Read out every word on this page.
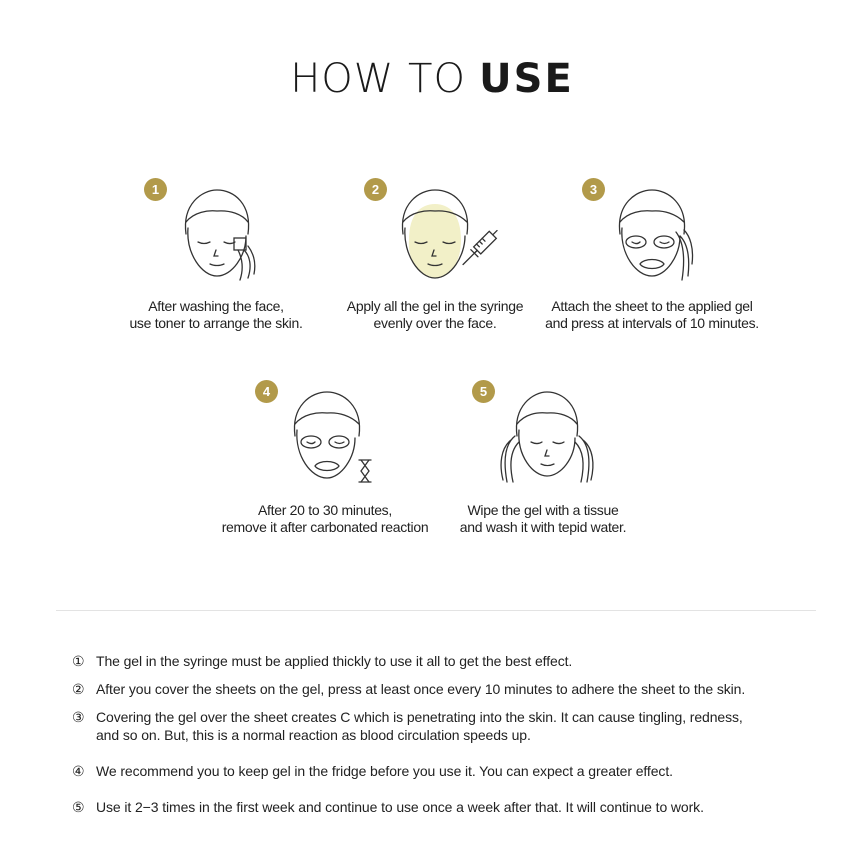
HOW TO USE
1
After washing the face,
use toner to arrange the skin.
2
Apply all the gel in the syringe
evenly over the face.
3
Attach the sheet to the applied gel
and press at intervals of 10 minutes.
4
After 20 to 30 minutes,
remove it after carbonated reaction
5
Wipe the gel with a tissue
and wash it with tepid water.
① The gel in the syringe must be applied thickly to use it all to get the best effect.
② After you cover the sheets on the gel, press at least once every 10 minutes to adhere the sheet to the skin.
③ Covering the gel over the sheet creates C which is penetrating into the skin. It can cause tingling, redness,
and so on. But, this is a normal reaction as blood circulation speeds up.
④ We recommend you to keep gel in the fridge before you use it. You can expect a greater effect.
⑤ Use it 2−3 times in the first week and continue to use once a week after that. It will continue to work.
